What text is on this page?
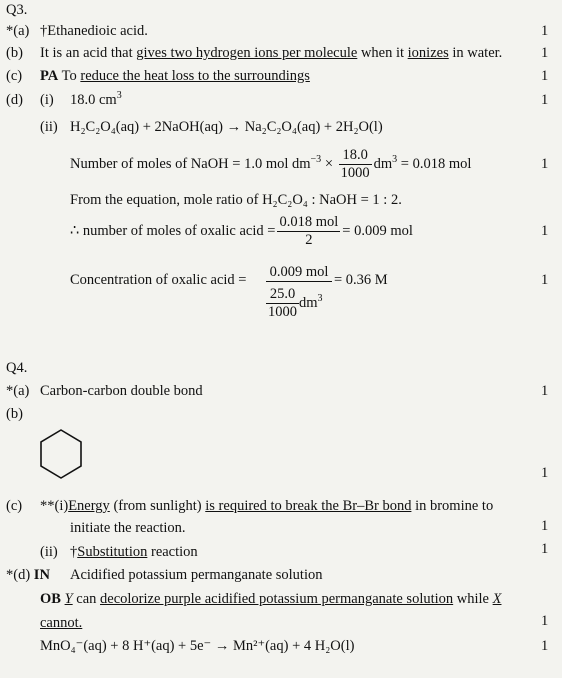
Q3.
*(a) †Ethanedioic acid.	1
(b) It is an acid that gives two hydrogen ions per molecule when it ionizes in water.	1
(c) PA To reduce the heat loss to the surroundings	1
(d) (i) 18.0 $cm^3$	1
(ii) H₂C₂O₄(aq) + 2NaOH(aq) → Na₂C₂O₄(aq) + 2H₂O(l)
Number of moles of NaOH = 1.0 mol $dm^{-3} \times \frac{18.0}{1000} dm^3 = 0.018$ mol	1
From the equation, mole ratio of H₂C₂O₄ : NaOH = 1 : 2.
∴ number of moles of oxalic acid = $\frac{\text{0.018 mol}}{2} = 0.009$ mol	1
Concentration of oxalic acid = 0.009 mol
$\frac{25.0}{1000} dm^3$
= 0.36 M	1
Q4.
*(a) Carbon-carbon double bond	1
(b)
1
(c) **(i)Energy (from sunlight) is required to break the Br–Br bond in bromine to
initiate the reaction.	1
(ii) †Substitution reaction	1
*(d) IN Acidified potassium permanganate solution
OB Y can decolorize purple acidified potassium permanganate solution while X
cannot.	1
MnO₄⁻(aq) + 8 H⁺(aq) + 5e⁻ → Mn²⁺(aq) + 4 H₂O(l)	1
